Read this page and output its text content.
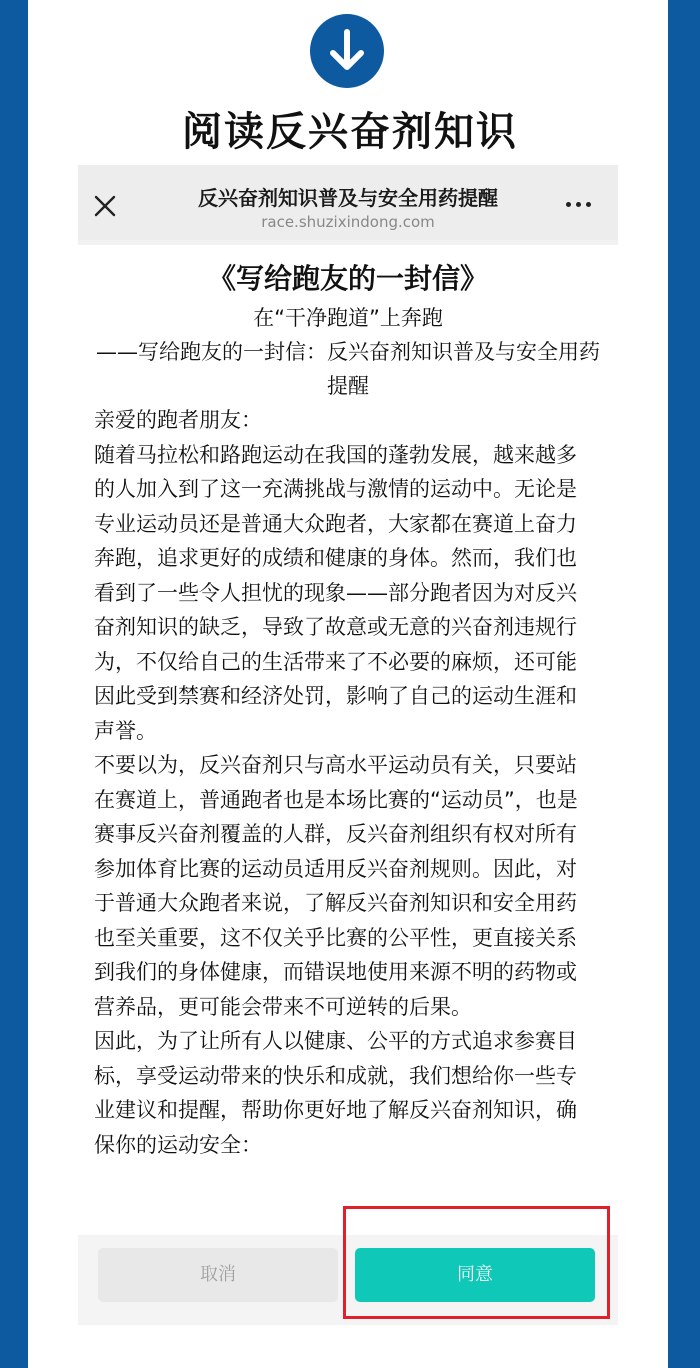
阅读反兴奋剂知识
反兴奋剂知识普及与安全用药提醒
race.shuzixindong.com
《写给跑友的一封信》
在“干净跑道”上奔跑
——写给跑友的一封信：反兴奋剂知识普及与安全用药提醒

亲爱的跑者朋友：

随着马拉松和路跑运动在我国的蓬勃发展，越来越多的人加入到了这一充满挑战与激情的运动中。无论是专业运动员还是普通大众跑者，大家都在赛道上奋力奔跑，追求更好的成绩和健康的身体。然而，我们也看到了一些令人担忧的现象——部分跑者因为对反兴奋剂知识的缺乏，导致了故意或无意的兴奋剂违规行为，不仅给自己的生活带来了不必要的麻烦，还可能因此受到禁赛和经济处罚，影响了自己的运动生涯和声誉。

不要以为，反兴奋剂只与高水平运动员有关，只要站在赛道上，普通跑者也是本场比赛的“运动员”，也是赛事反兴奋剂覆盖的人群，反兴奋剂组织有权对所有参加体育比赛的运动员适用反兴奋剂规则。因此，对于普通大众跑者来说，了解反兴奋剂知识和安全用药也至关重要，这不仅关乎比赛的公平性，更直接关系到我们的身体健康，而错误地使用来源不明的药物或营养品，更可能会带来不可逆转的后果。

因此，为了让所有人以健康、公平的方式追求参赛目标，享受运动带来的快乐和成就，我们想给你一些专业建议和提醒，帮助你更好地了解反兴奋剂知识，确保你的运动安全：

取消	同意
